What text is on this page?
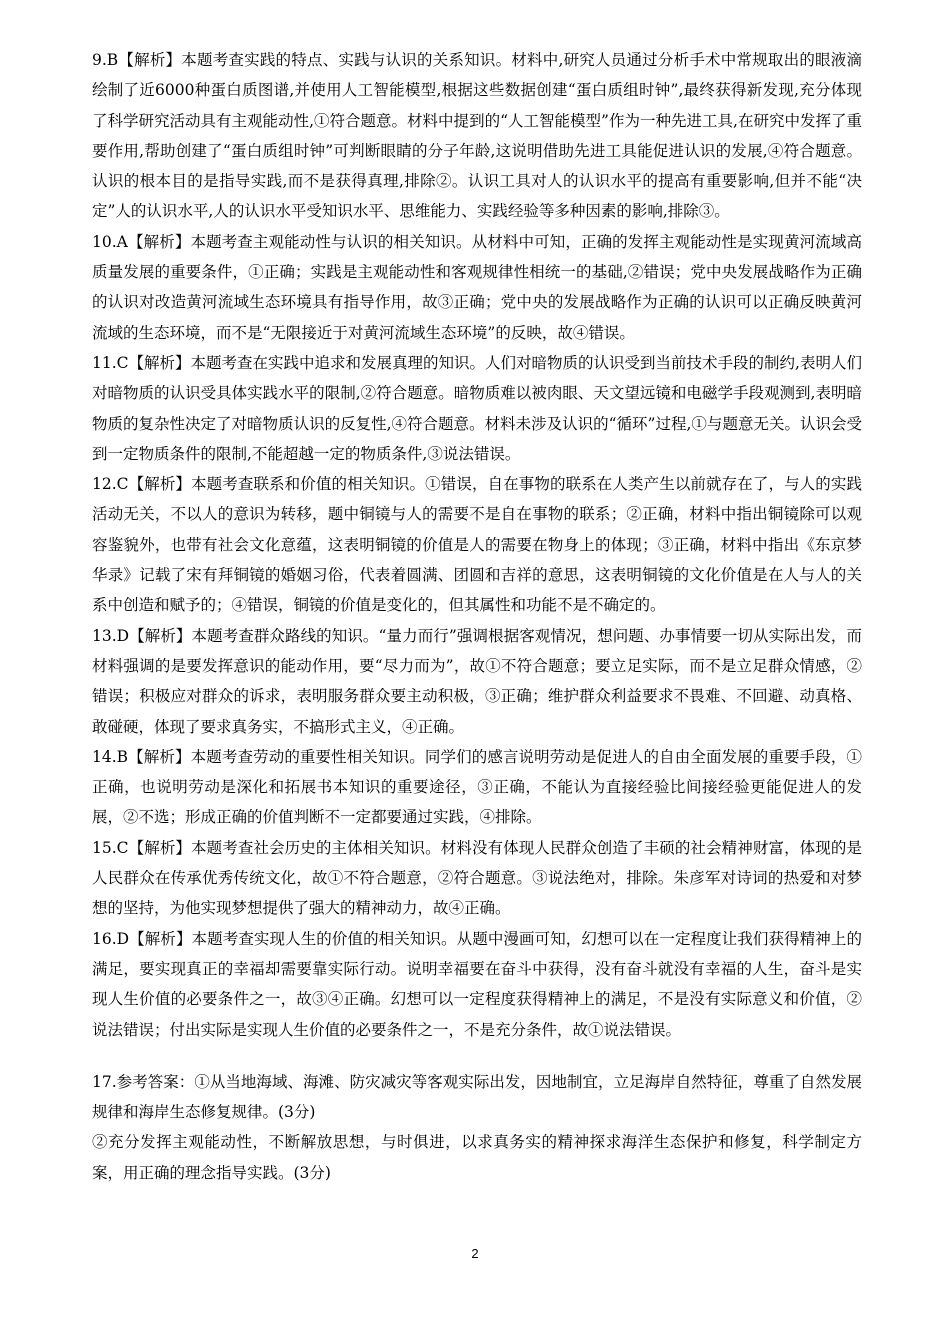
9.B【解析】本题考查实践的特点、实践与认识的关系知识。材料中,研究人员通过分析手术中常规取出的眼液滴绘制了近6000种蛋白质图谱,并使用人工智能模型,根据这些数据创建“蛋白质组时钟”,最终获得新发现,充分体现了科学研究活动具有主观能动性,①符合题意。材料中提到的“人工智能模型”作为一种先进工具,在研究中发挥了重要作用,帮助创建了“蛋白质组时钟”可判断眼睛的分子年龄,这说明借助先进工具能促进认识的发展,④符合题意。认识的根本目的是指导实践,而不是获得真理,排除②。认识工具对人的认识水平的提高有重要影响,但并不能“决定”人的认识水平,人的认识水平受知识水平、思维能力、实践经验等多种因素的影响,排除③。

10.A【解析】本题考查主观能动性与认识的相关知识。从材料中可知，正确的发挥主观能动性是实现黄河流域高质量发展的重要条件，①正确；实践是主观能动性和客观规律性相统一的基础,②错误；党中央发展战略作为正确的认识对改造黄河流域生态环境具有指导作用，故③正确；党中央的发展战略作为正确的认识可以正确反映黄河流域的生态环境，而不是“无限接近于对黄河流域生态环境”的反映，故④错误。

11.C【解析】本题考查在实践中追求和发展真理的知识。人们对暗物质的认识受到当前技术手段的制约,表明人们对暗物质的认识受具体实践水平的限制,②符合题意。暗物质难以被肉眼、天文望远镜和电磁学手段观测到,表明暗物质的复杂性决定了对暗物质认识的反复性,④符合题意。材料未涉及认识的“循环”过程,①与题意无关。认识会受到一定物质条件的限制,不能超越一定的物质条件,③说法错误。

12.C【解析】本题考查联系和价值的相关知识。①错误，自在事物的联系在人类产生以前就存在了，与人的实践活动无关，不以人的意识为转移，题中铜镜与人的需要不是自在事物的联系；②正确，材料中指出铜镜除可以观容鉴貌外，也带有社会文化意蕴，这表明铜镜的价值是人的需要在物身上的体现；③正确，材料中指出《东京梦华录》记载了宋有拜铜镜的婚姻习俗，代表着圆满、团圆和吉祥的意思，这表明铜镜的文化价值是在人与人的关系中创造和赋予的；④错误，铜镜的价值是变化的，但其属性和功能不是不确定的。

13.D【解析】本题考查群众路线的知识。“量力而行”强调根据客观情况，想问题、办事情要一切从实际出发，而材料强调的是要发挥意识的能动作用，要“尽力而为”，故①不符合题意；要立足实际，而不是立足群众情感，②错误；积极应对群众的诉求，表明服务群众要主动积极，③正确；维护群众利益要求不畏难、不回避、动真格、敢碰硬，体现了要求真务实，不搞形式主义，④正确。

14.B【解析】本题考查劳动的重要性相关知识。同学们的感言说明劳动是促进人的自由全面发展的重要手段，①正确，也说明劳动是深化和拓展书本知识的重要途径，③正确，不能认为直接经验比间接经验更能促进人的发展，②不选；形成正确的价值判断不一定都要通过实践，④排除。

15.C【解析】本题考查社会历史的主体相关知识。材料没有体现人民群众创造了丰硕的社会精神财富，体现的是人民群众在传承优秀传统文化，故①不符合题意，②符合题意。③说法绝对，排除。朱彦军对诗词的热爱和对梦想的坚持，为他实现梦想提供了强大的精神动力，故④正确。

16.D【解析】本题考查实现人生的价值的相关知识。从题中漫画可知，幻想可以在一定程度让我们获得精神上的满足，要实现真正的幸福却需要靠实际行动。说明幸福要在奋斗中获得，没有奋斗就没有幸福的人生，奋斗是实现人生价值的必要条件之一，故③④正确。幻想可以一定程度获得精神上的满足，不是没有实际意义和价值，②说法错误；付出实际是实现人生价值的必要条件之一，不是充分条件，故①说法错误。

17.参考答案：①从当地海域、海滩、防灾减灾等客观实际出发，因地制宜，立足海岸自然特征，尊重了自然发展规律和海岸生态修复规律。(3分)

②充分发挥主观能动性，不断解放思想，与时俱进，以求真务实的精神探求海洋生态保护和修复，科学制定方案，用正确的理念指导实践。(3分)

2
